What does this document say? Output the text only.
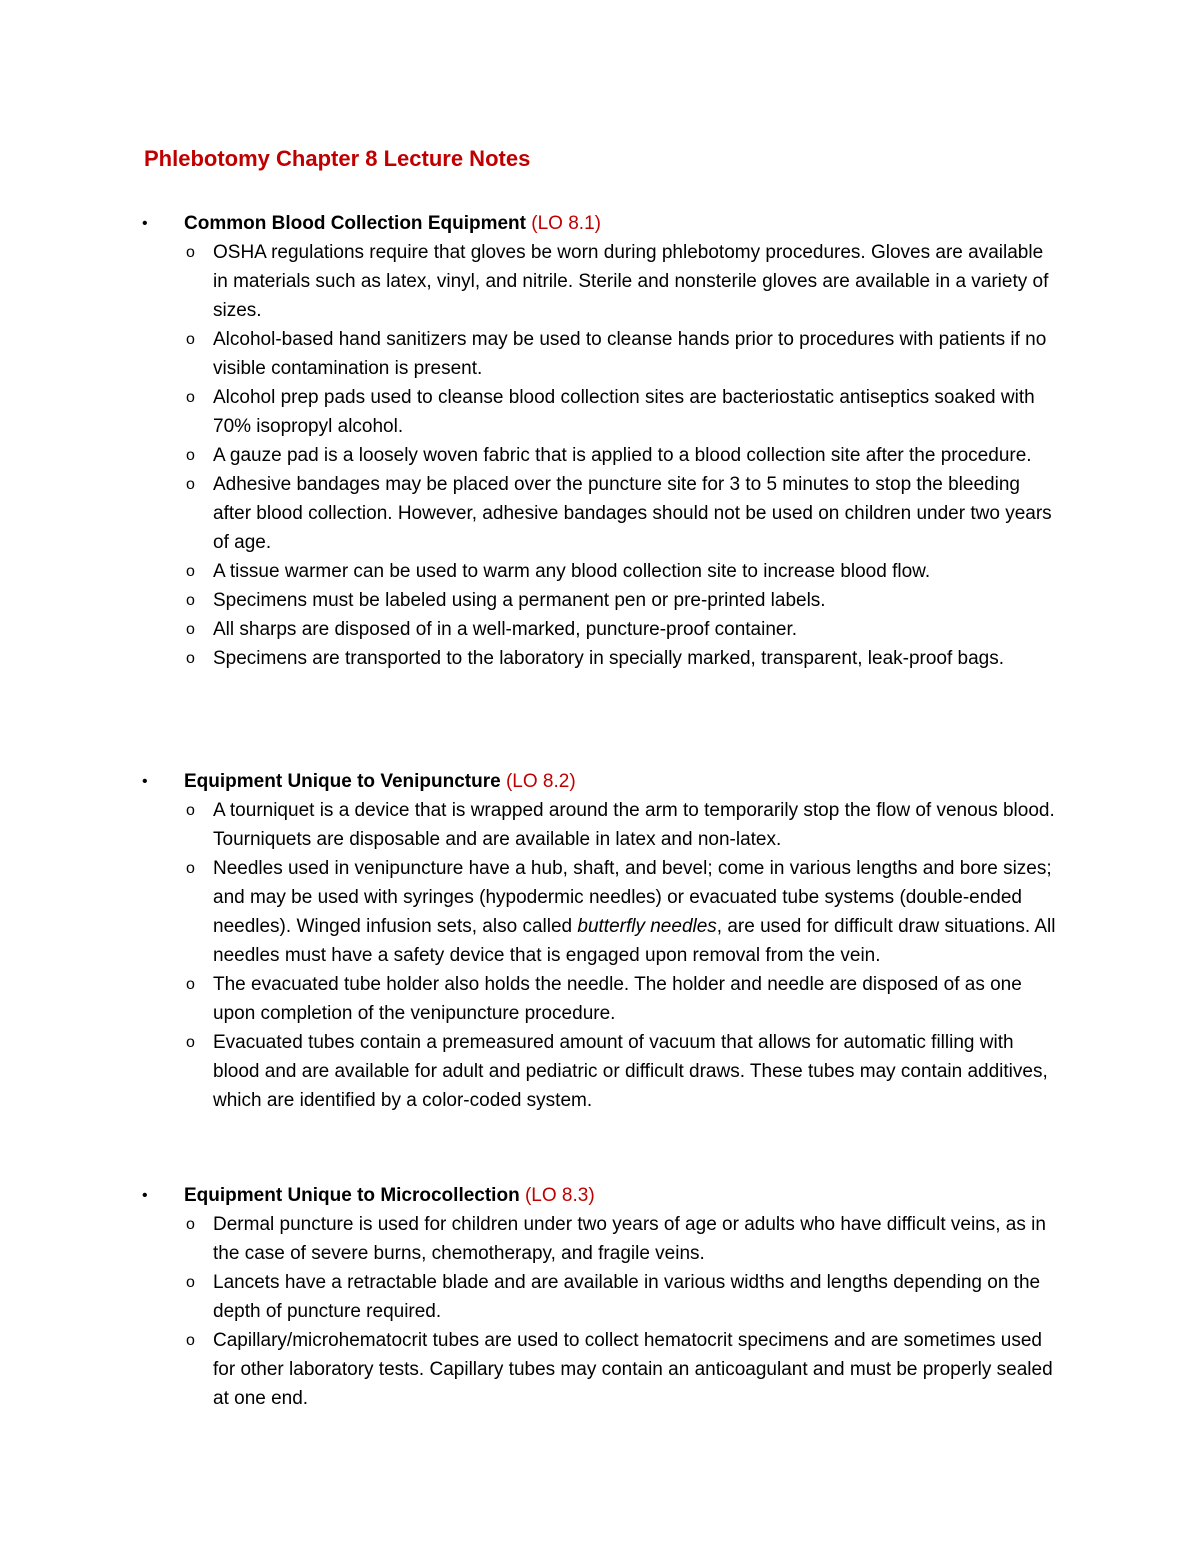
Phlebotomy Chapter 8 Lecture Notes
• Common Blood Collection Equipment (LO 8.1)
o OSHA regulations require that gloves be worn during phlebotomy procedures. Gloves are available in materials such as latex, vinyl, and nitrile. Sterile and nonsterile gloves are available in a variety of sizes.
o Alcohol-based hand sanitizers may be used to cleanse hands prior to procedures with patients if no visible contamination is present.
o Alcohol prep pads used to cleanse blood collection sites are bacteriostatic antiseptics soaked with 70% isopropyl alcohol.
o A gauze pad is a loosely woven fabric that is applied to a blood collection site after the procedure.
o Adhesive bandages may be placed over the puncture site for 3 to 5 minutes to stop the bleeding after blood collection. However, adhesive bandages should not be used on children under two years of age.
o A tissue warmer can be used to warm any blood collection site to increase blood flow.
o Specimens must be labeled using a permanent pen or pre-printed labels.
o All sharps are disposed of in a well-marked, puncture-proof container.
o Specimens are transported to the laboratory in specially marked, transparent, leak-proof bags.
• Equipment Unique to Venipuncture (LO 8.2)
o A tourniquet is a device that is wrapped around the arm to temporarily stop the flow of venous blood. Tourniquets are disposable and are available in latex and non-latex.
o Needles used in venipuncture have a hub, shaft, and bevel; come in various lengths and bore sizes; and may be used with syringes (hypodermic needles) or evacuated tube systems (double-ended needles). Winged infusion sets, also called butterfly needles, are used for difficult draw situations. All needles must have a safety device that is engaged upon removal from the vein.
o The evacuated tube holder also holds the needle. The holder and needle are disposed of as one upon completion of the venipuncture procedure.
o Evacuated tubes contain a premeasured amount of vacuum that allows for automatic filling with blood and are available for adult and pediatric or difficult draws. These tubes may contain additives, which are identified by a color-coded system.
• Equipment Unique to Microcollection (LO 8.3)
o Dermal puncture is used for children under two years of age or adults who have difficult veins, as in the case of severe burns, chemotherapy, and fragile veins.
o Lancets have a retractable blade and are available in various widths and lengths depending on the depth of puncture required.
o Capillary/microhematocrit tubes are used to collect hematocrit specimens and are sometimes used for other laboratory tests. Capillary tubes may contain an anticoagulant and must be properly sealed at one end.
